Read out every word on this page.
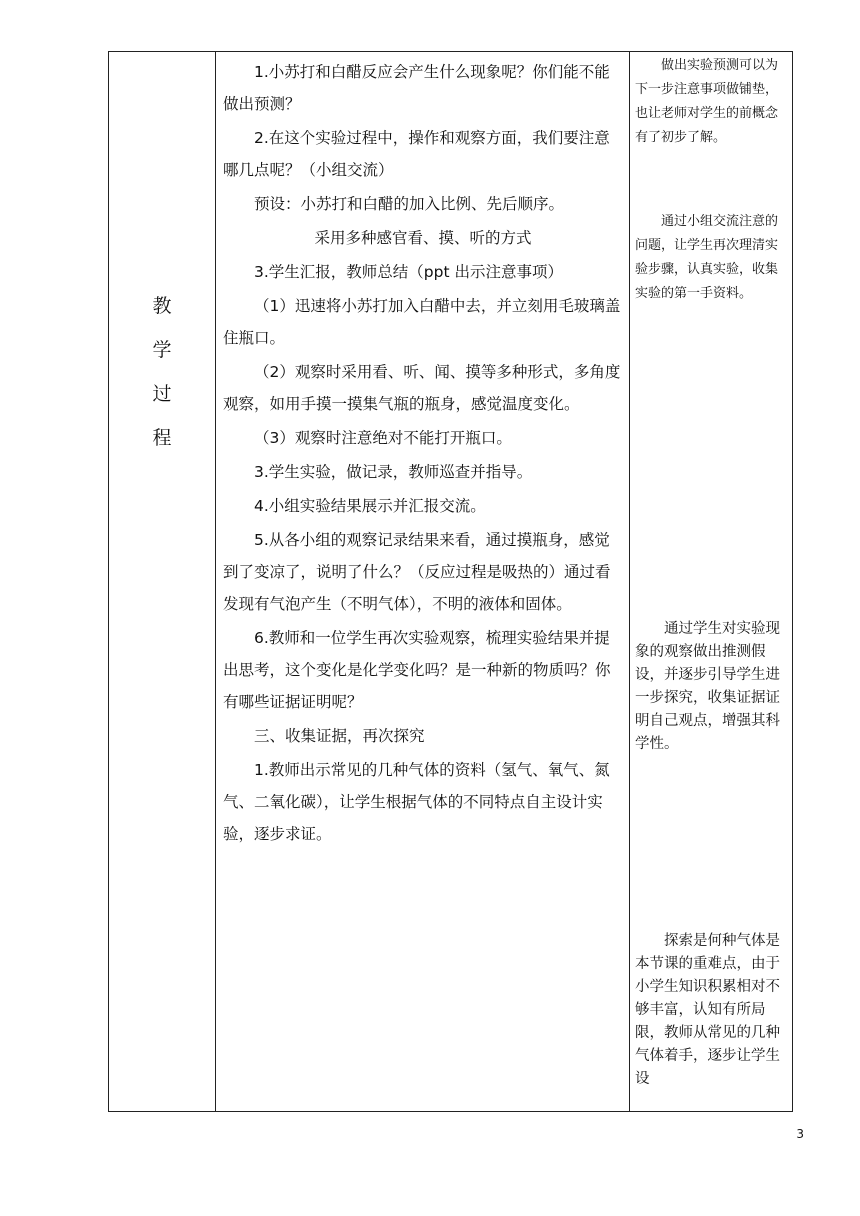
教
学
过
程

1.小苏打和白醋反应会产生什么现象呢？你们能不能做出预测？

2.在这个实验过程中，操作和观察方面，我们要注意哪几点呢？（小组交流）

预设：小苏打和白醋的加入比例、先后顺序。

采用多种感官看、摸、听的方式

3.学生汇报，教师总结（ppt 出示注意事项）

（1）迅速将小苏打加入白醋中去，并立刻用毛玻璃盖住瓶口。

（2）观察时采用看、听、闻、摸等多种形式，多角度观察，如用手摸一摸集气瓶的瓶身，感觉温度变化。

（3）观察时注意绝对不能打开瓶口。

3.学生实验，做记录，教师巡查并指导。

4.小组实验结果展示并汇报交流。

5.从各小组的观察记录结果来看，通过摸瓶身，感觉到了变凉了，说明了什么？（反应过程是吸热的）通过看发现有气泡产生（不明气体），不明的液体和固体。

6.教师和一位学生再次实验观察，梳理实验结果并提出思考，这个变化是化学变化吗？是一种新的物质吗？你有哪些证据证明呢？

三、收集证据，再次探究

1.教师出示常见的几种气体的资料（氢气、氧气、氮气、二氧化碳），让学生根据气体的不同特点自主设计实验，逐步求证。

做出实验预测可以为下一步注意事项做铺垫，也让老师对学生的前概念有了初步了解。

通过小组交流注意的问题，让学生再次理清实验步骤，认真实验，收集实验的第一手资料。

通过学生对实验现象的观察做出推测假设，并逐步引导学生进一步探究，收集证据证明自己观点，增强其科学性。

探索是何种气体是本节课的重难点，由于小学生知识积累相对不够丰富，认知有所局限，教师从常见的几种气体着手，逐步让学生设

3
